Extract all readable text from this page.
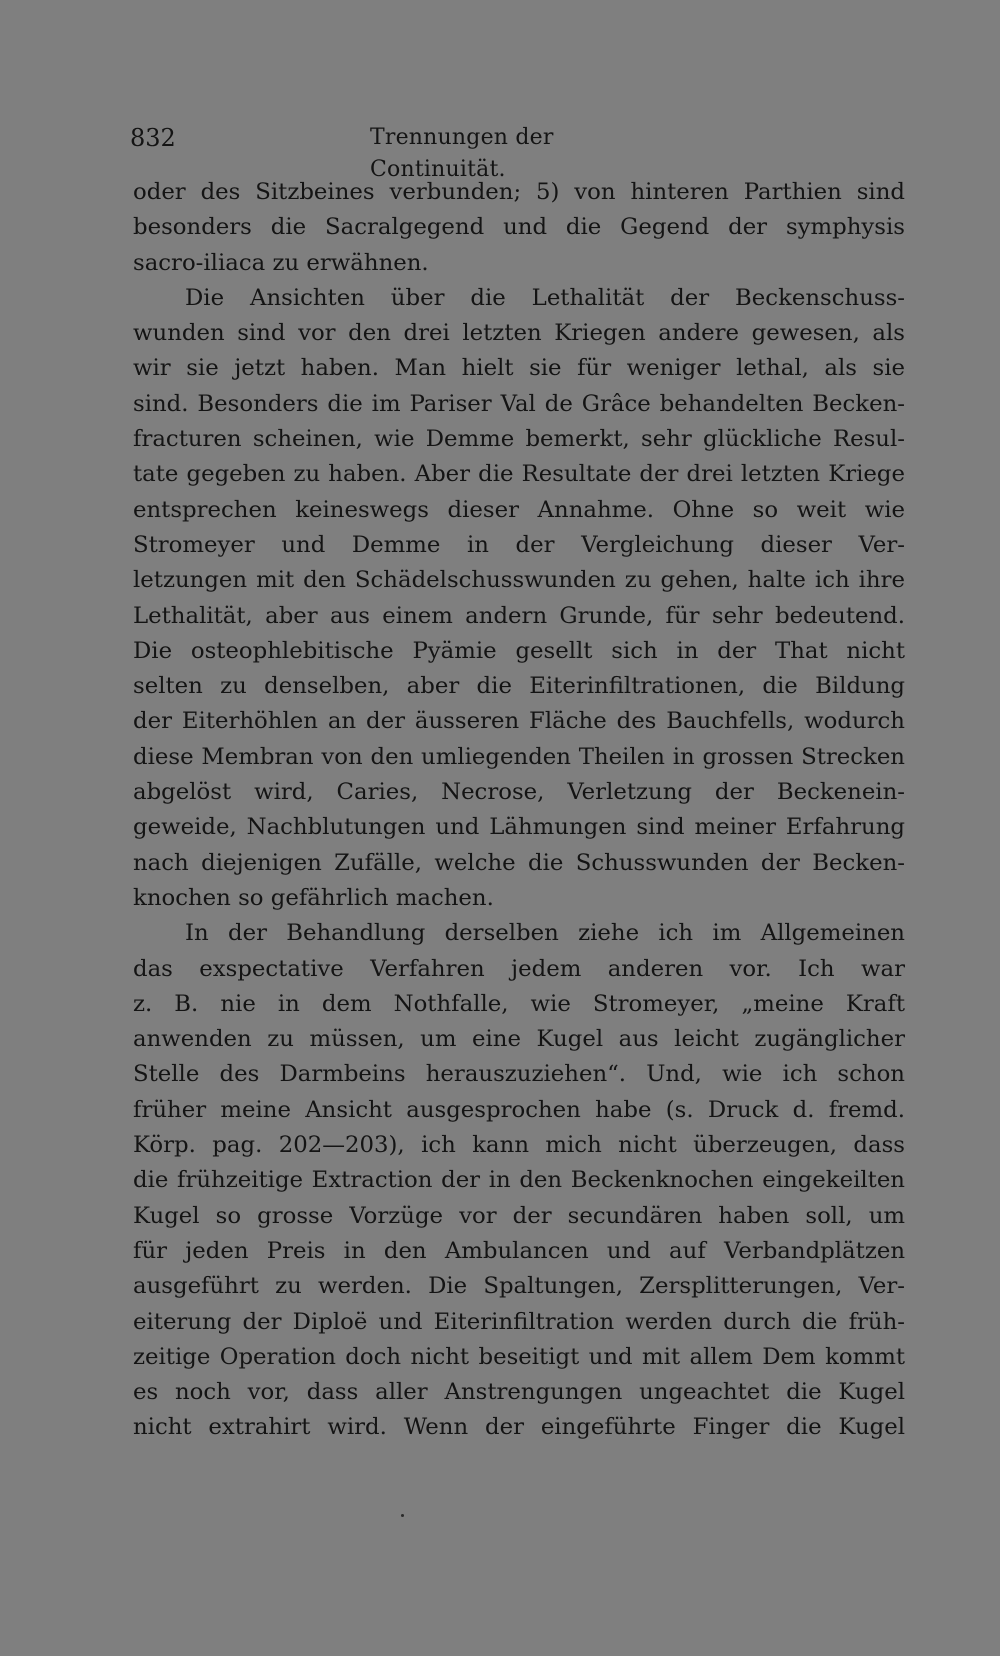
832	Trennungen der Continuität.
oder des Sitzbeines verbunden; 5) von hinteren Parthien sind
besonders die Sacralgegend und die Gegend der symphysis
sacro-iliaca zu erwähnen.
Die Ansichten über die Lethalität der Beckenschuss-
wunden sind vor den drei letzten Kriegen andere gewesen, als
wir sie jetzt haben. Man hielt sie für weniger lethal, als sie
sind. Besonders die im Pariser Val de Grâce behandelten Becken-
fracturen scheinen, wie Demme bemerkt, sehr glückliche Resul-
tate gegeben zu haben. Aber die Resultate der drei letzten Kriege
entsprechen keineswegs dieser Annahme. Ohne so weit wie
Stromeyer und Demme in der Vergleichung dieser Ver-
letzungen mit den Schädelschusswunden zu gehen, halte ich ihre
Lethalität, aber aus einem andern Grunde, für sehr bedeutend.
Die osteophlebitische Pyämie gesellt sich in der That nicht
selten zu denselben, aber die Eiterinfiltrationen, die Bildung
der Eiterhöhlen an der äusseren Fläche des Bauchfells, wodurch
diese Membran von den umliegenden Theilen in grossen Strecken
abgelöst wird, Caries, Necrose, Verletzung der Beckenein-
geweide, Nachblutungen und Lähmungen sind meiner Erfahrung
nach diejenigen Zufälle, welche die Schusswunden der Becken-
knochen so gefährlich machen.
In der Behandlung derselben ziehe ich im Allgemeinen
das exspectative Verfahren jedem anderen vor. Ich war
z. B. nie in dem Nothfalle, wie Stromeyer, „meine Kraft
anwenden zu müssen, um eine Kugel aus leicht zugänglicher
Stelle des Darmbeins herauszuziehen“. Und, wie ich schon
früher meine Ansicht ausgesprochen habe (s. Druck d. fremd.
Körp. pag. 202—203), ich kann mich nicht überzeugen, dass
die frühzeitige Extraction der in den Beckenknochen eingekeilten
Kugel so grosse Vorzüge vor der secundären haben soll, um
für jeden Preis in den Ambulancen und auf Verbandplätzen
ausgeführt zu werden. Die Spaltungen, Zersplitterungen, Ver-
eiterung der Diploë und Eiterinfiltration werden durch die früh-
zeitige Operation doch nicht beseitigt und mit allem Dem kommt
es noch vor, dass aller Anstrengungen ungeachtet die Kugel
nicht extrahirt wird. Wenn der eingeführte Finger die Kugel
